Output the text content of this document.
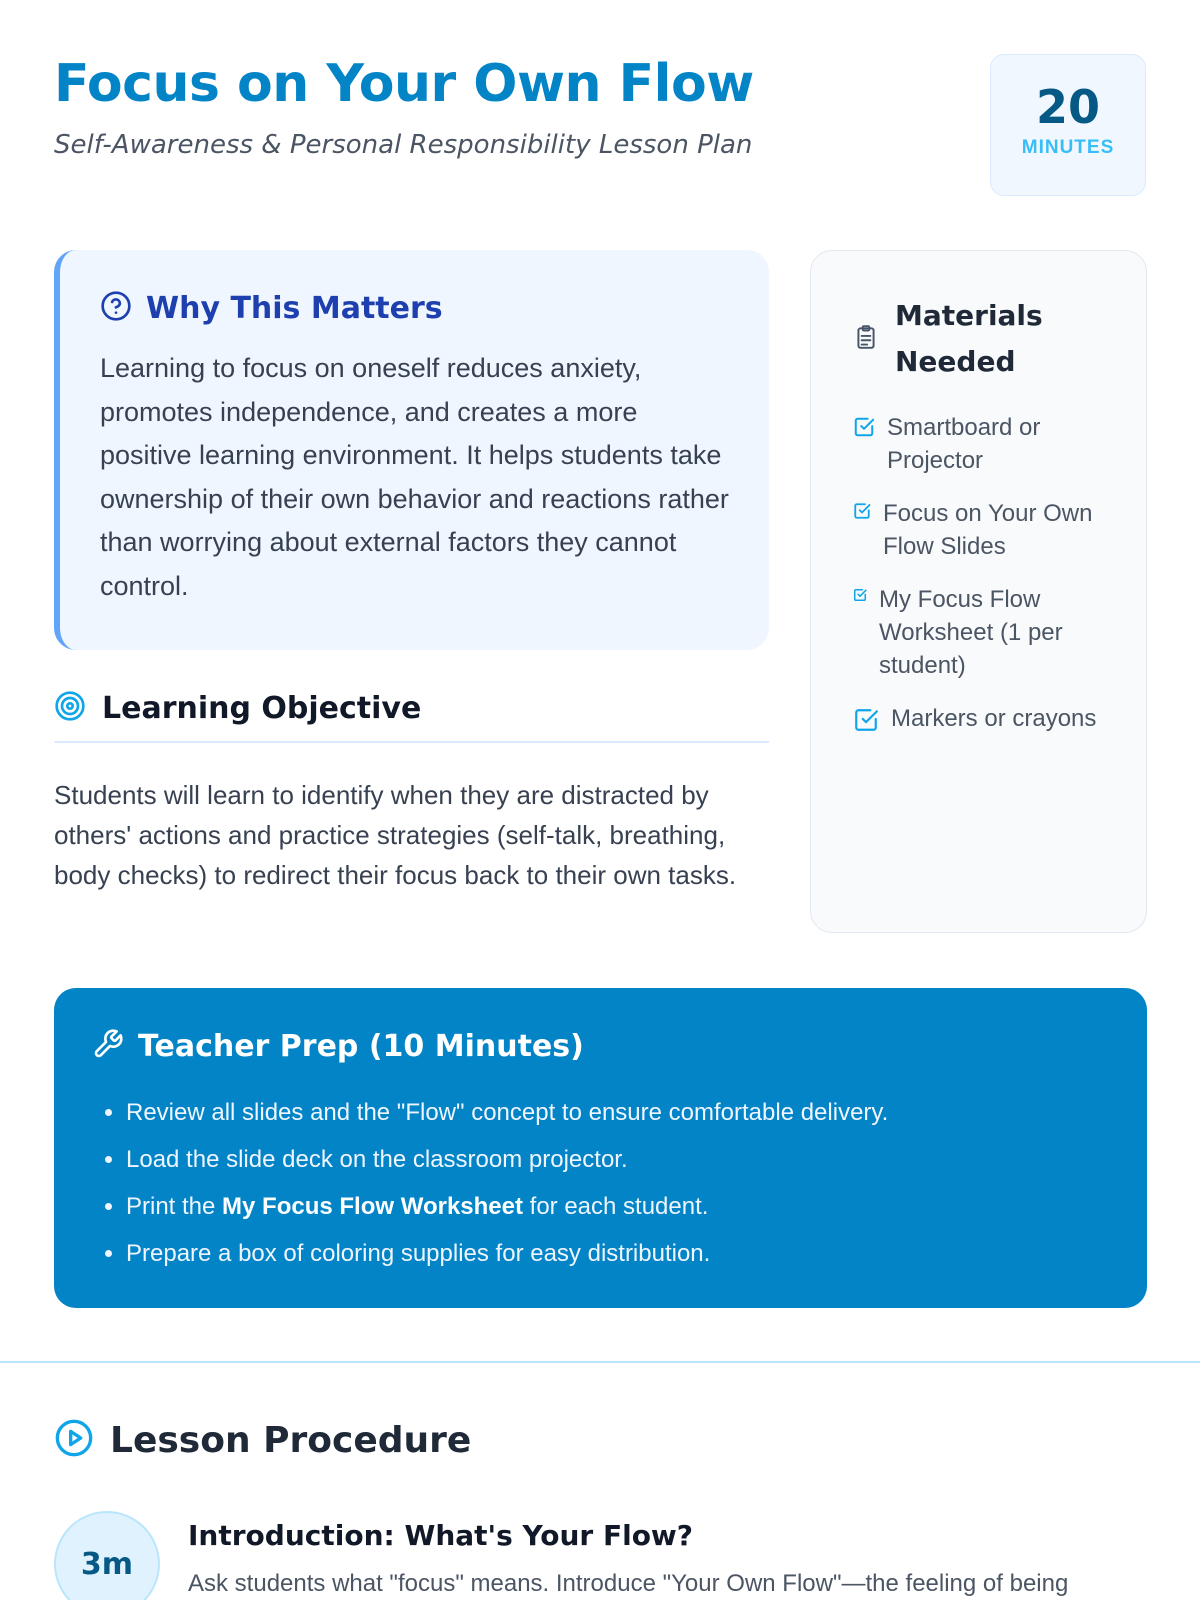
Focus on Your Own Flow

Self-Awareness & Personal Responsibility Lesson Plan

20
MINUTES
Why This Matters

Learning to focus on oneself reduces anxiety, promotes independence, and creates a more positive learning environment. It helps students take ownership of their own behavior and reactions rather than worrying about external factors they cannot control.

Learning Objective

Students will learn to identify when they are distracted by others' actions and practice strategies (self-talk, breathing, body checks) to redirect their focus back to their own tasks.

Materials Needed
Smartboard or Projector
Focus on Your Own Flow Slides
My Focus Flow Worksheet (1 per student)
Markers or crayons
Teacher Prep (10 Minutes)
• Review all slides and the "Flow" concept to ensure comfortable delivery.
• Load the slide deck on the classroom projector.
• Print the My Focus Flow Worksheet for each student.
• Prepare a box of coloring supplies for easy distribution.
Lesson Procedure
3m
Introduction: What's Your Flow?

Ask students what "focus" means. Introduce "Your Own Flow"—the feeling of being
